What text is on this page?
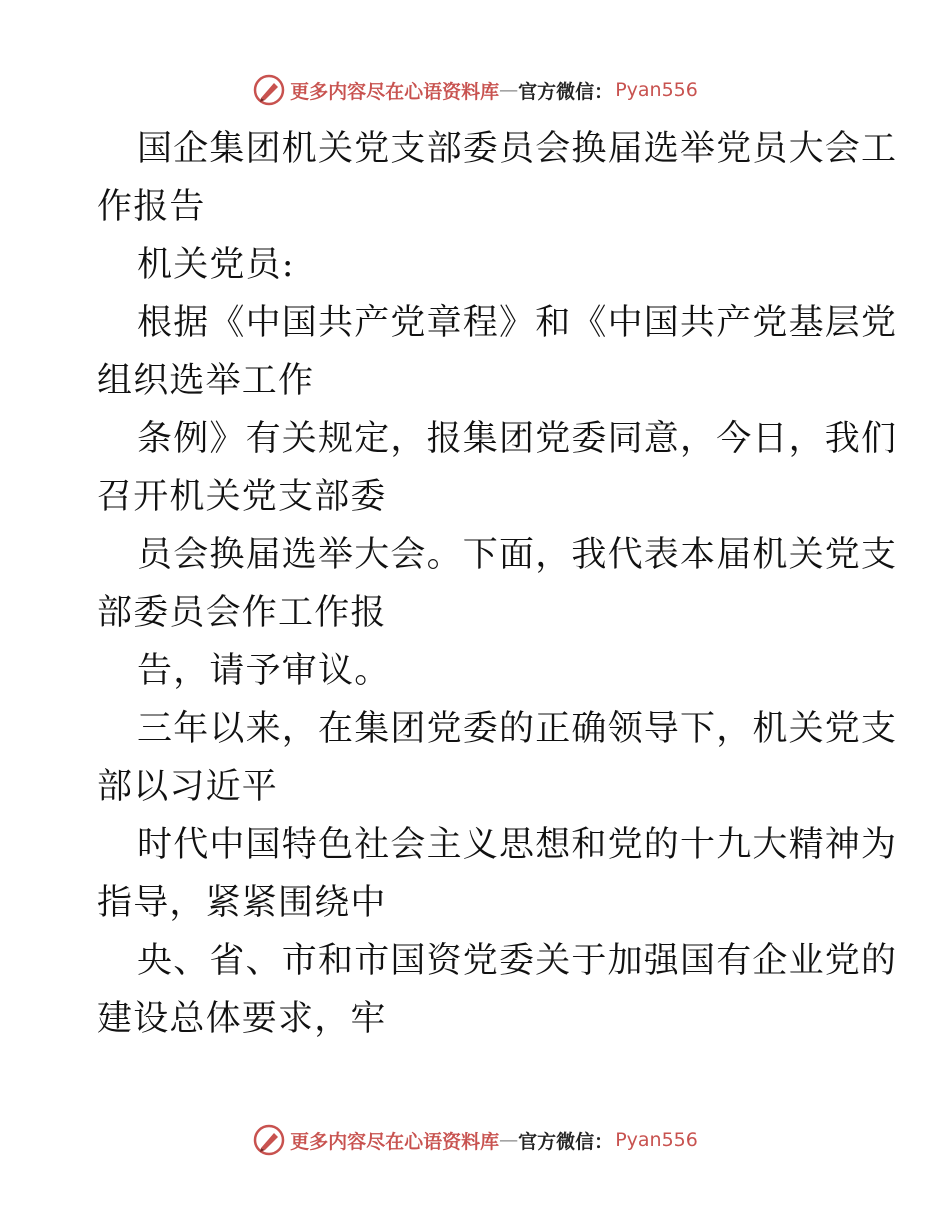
更多内容尽在心语资料库 — 官方微信： Pyan556
国企集团机关党支部委员会换届选举党员大会工
作报告
机关党员:
根据《中国共产党章程》和《中国共产党基层党
组织选举工作
条例》有关规定，报集团党委同意，今日，我们
召开机关党支部委
员会换届选举大会。下面，我代表本届机关党支
部委员会作工作报
告，请予审议。
三年以来，在集团党委的正确领导下，机关党支
部以习近平
时代中国特色社会主义思想和党的十九大精神为
指导，紧紧围绕中
央、省、市和市国资党委关于加强国有企业党的
建设总体要求，牢
更多内容尽在心语资料库 — 官方微信： Pyan556
